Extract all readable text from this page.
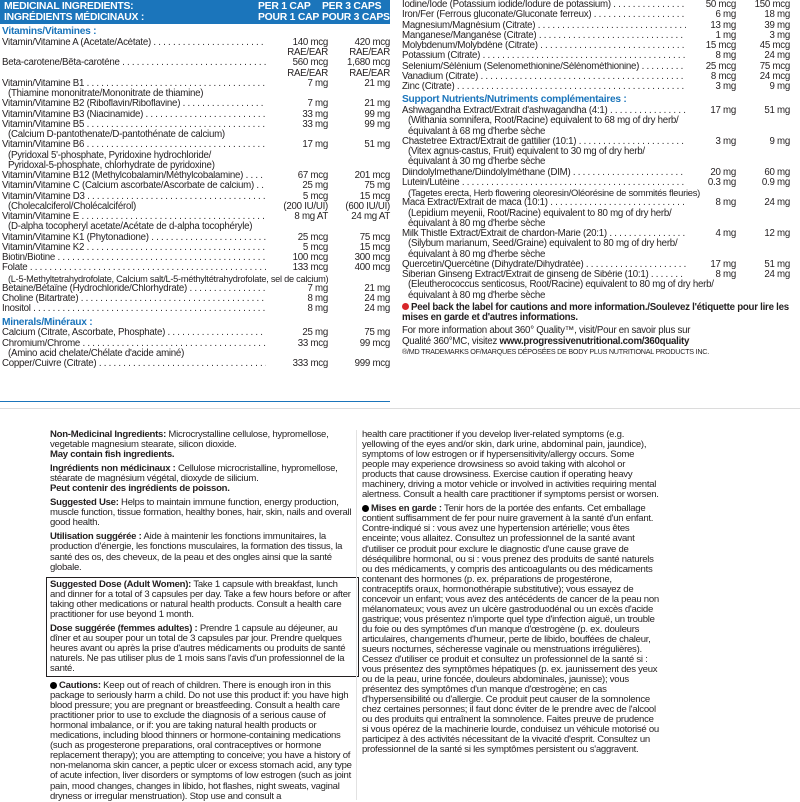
MEDICINAL INGREDIENTS:
INGRÉDIENTS MÉDICINAUX :
PER 1 CAP
POUR 1 CAP
PER 3 CAPS
POUR 3 CAPS
Vitamins/Vitamines :
Vitamin/Vitamine A (Acetate/Acétate) . . .	140 mcg	420 mcg
RAE/EAR	RAE/EAR
Beta-carotene/Bêta-carotène . . .	560 mcg	1,680 mcg
RAE/EAR	RAE/EAR
Vitamin/Vitamine B1 . . .	7 mg	21 mg
(Thiamine mononitrate/Mononitrate de thiamine)
Vitamin/Vitamine B2 (Riboflavin/Riboflavine) . . .	7 mg	21 mg
Vitamin/Vitamine B3 (Niacinamide) . . .	33 mg	99 mg
Vitamin/Vitamine B5 . . .	33 mg	99 mg
(Calcium D-pantothenate/D-pantothénate de calcium)
Vitamin/Vitamine B6 . . .	17 mg	51 mg
(Pyridoxal 5'-phosphate, Pyridoxine hydrochloride/
Pyridoxal-5-phosphate, chlorhydrate de pyridoxine)
Vitamin/Vitamine B12 (Methylcobalamin/Méthylcobalamine) . . .	67 mcg	201 mcg
Vitamin/Vitamine C (Calcium ascorbate/Ascorbate de calcium) . . .	25 mg	75 mg
Vitamin/Vitamine D3 . . .	5 mcg	15 mcg
(Cholecalciferol/Cholécalciférol)	(200 IU/UI)	(600 IU/UI)
Vitamin/Vitamine E . . .	8 mg AT	24 mg AT
(D-alpha tocopheryl acetate/Acétate de d-alpha tocophéryle)
Vitamin/Vitamine K1 (Phytonadione) . . .	25 mcg	75 mcg
Vitamin/Vitamine K2 . . .	5 mcg	15 mcg
Biotin/Biotine . . .	100 mcg	300 mcg
Folate . . .	133 mcg	400 mcg
(L-5-Methyltetrahydrofolate, Calcium salt/L-5-méthyltétrahydrofolate, sel de calcium)
Betaine/Bétaïne (Hydrochloride/Chlorhydrate) . . .	7 mg	21 mg
Choline (Bitartrate) . . .	8 mg	24 mg
Inositol . . .	8 mg	24 mg
Minerals/Minéraux :
Calcium (Citrate, Ascorbate, Phosphate) . . .	25 mg	75 mg
Chromium/Chrome . . .	33 mcg	99 mcg
(Amino acid chelate/Chélate d'acide aminé)
Copper/Cuivre (Citrate) . . .	333 mcg	999 mcg
Iodine/Iode (Potassium iodide/Iodure de potassium) . . .	50 mcg	150 mcg
Iron/Fer (Ferrous gluconate/Gluconate ferreux) . . .	6 mg	18 mg
Magnesium/Magnésium (Citrate) . . .	13 mg	39 mg
Manganese/Manganèse (Citrate) . . .	1 mg	3 mg
Molybdenum/Molybdène (Citrate) . . .	15 mcg	45 mcg
Potassium (Citrate) . . .	8 mg	24 mg
Selenium/Sélénium (Selenomethionine/Sélénométhionine) . . .	25 mcg	75 mcg
Vanadium (Citrate) . . .	8 mcg	24 mcg
Zinc (Citrate) . . .	3 mg	9 mg
Support Nutrients/Nutriments complémentaires :
Ashwagandha Extract/Extrait d'ashwagandha (4:1) . . .	17 mg	51 mg
(Withania somnifera, Root/Racine) equivalent to 68 mg of dry herb/
équivalant à 68 mg d'herbe sèche
Chastetree Extract/Extrait de gattilier (10:1) . . .	3 mg	9 mg
(Vitex agnus-castus, Fruit) equivalent to 30 mg of dry herb/
équivalant à 30 mg d'herbe sèche
Diindolylmethane/Diindolylméthane (DIM) . . .	20 mg	60 mg
Lutein/Lutéine . . .	0.3 mg	0.9 mg
(Tagetes erecta, Herb flowering oleoresin/Oléorésine de sommités fleuries)
Maca Extract/Extrait de maca (10:1) . . .	8 mg	24 mg
(Lepidium meyenii, Root/Racine) equivalent to 80 mg of dry herb/
équivalant à 80 mg d'herbe sèche
Milk Thistle Extract/Extrait de chardon-Marie (20:1) . . .	4 mg	12 mg
(Silybum marianum, Seed/Graine) equivalent to 80 mg of dry herb/
équivalant à 80 mg d'herbe sèche
Quercetin/Quercétine (Dihydrate/Dihydratée) . . .	17 mg	51 mg
Siberian Ginseng Extract/Extrait de ginseng de Sibérie (10:1) . . .	8 mg	24 mg
(Eleutherococcus senticosus, Root/Racine) equivalent to 80 mg of dry herb/
équivalant à 80 mg d'herbe sèche
Peel back the label for cautions and more information./Soulevez l'étiquette pour lire les mises en garde et d'autres informations.
For more information about 360° Quality™, visit/Pour en savoir plus sur
Qualité 360°MC, visitez www.progressivenutritional.com/360quality
®/MD TRADEMARKS OF/MARQUES DÉPOSÉES DE BODY PLUS NUTRITIONAL PRODUCTS INC.

Non-Medicinal Ingredients: Microcrystalline cellulose, hypromellose, vegetable magnesium stearate, silicon dioxide.
May contain fish ingredients.

Ingrédients non médicinaux : Cellulose microcristalline, hypromellose, stéarate de magnésium végétal, dioxyde de silicium.
Peut contenir des ingrédients de poisson.

Suggested Use: Helps to maintain immune function, energy production, muscle function, tissue formation, healthy bones, hair, skin, nails and overall good health.

Utilisation suggérée : Aide à maintenir les fonctions immunitaires, la production d'énergie, les fonctions musculaires, la formation des tissus, la santé des os, des cheveux, de la peau et des ongles ainsi que la santé globale.

Suggested Dose (Adult Women): Take 1 capsule with breakfast, lunch and dinner for a total of 3 capsules per day. Take a few hours before or after taking other medications or natural health products. Consult a health care practitioner for use beyond 1 month.

Dose suggérée (femmes adultes) : Prendre 1 capsule au déjeuner, au dîner et au souper pour un total de 3 capsules par jour. Prendre quelques heures avant ou après la prise d'autres médicaments ou produits de santé naturels. Ne pas utiliser plus de 1 mois sans l'avis d'un professionnel de la santé.

Cautions: Keep out of reach of children. There is enough iron in this package to seriously harm a child. Do not use this product if: you have high blood pressure; you are pregnant or breastfeeding. Consult a health care practitioner prior to use to exclude the diagnosis of a serious cause of hormonal imbalance, or if: you are taking natural health products or medications, including blood thinners or hormone-containing medications (such as progesterone preparations, oral contraceptives or hormone replacement therapy); you are attempting to conceive; you have a history of non-melanoma skin cancer, a peptic ulcer or excess stomach acid, any type of acute infection, liver disorders or symptoms of low estrogen (such as joint pain, mood changes, changes in libido, hot flashes, night sweats, vaginal dryness or irregular menstruation). Stop use and consult a

health care practitioner if you develop liver-related symptoms (e.g. yellowing of the eyes and/or skin, dark urine, abdominal pain, jaundice), symptoms of low estrogen or if hypersensitivity/allergy occurs. Some people may experience drowsiness so avoid taking with alcohol or products that cause drowsiness. Exercise caution if operating heavy machinery, driving a motor vehicle or involved in activities requiring mental alertness. Consult a health care practitioner if symptoms persist or worsen.

Mises en garde : Tenir hors de la portée des enfants. Cet emballage contient suffisamment de fer pour nuire gravement à la santé d'un enfant. Contre-indiqué si : vous avez une hypertension artérielle; vous êtes enceinte; vous allaitez. Consultez un professionnel de la santé avant d'utiliser ce produit pour exclure le diagnostic d'une cause grave de déséquilibre hormonal, ou si : vous prenez des produits de santé naturels ou des médicaments, y compris des anticoagulants ou des médicaments contenant des hormones (p. ex. préparations de progestérone, contraceptifs oraux, hormonothérapie substitutive); vous essayez de concevoir un enfant; vous avez des antécédents de cancer de la peau non mélanomateux; vous avez un ulcère gastroduodénal ou un excès d'acide gastrique; vous présentez n'importe quel type d'infection aiguë, un trouble du foie ou des symptômes d'un manque d'œstrogène (p. ex. douleurs articulaires, changements d'humeur, perte de libido, bouffées de chaleur, sueurs nocturnes, sécheresse vaginale ou menstruations irrégulières). Cessez d'utiliser ce produit et consultez un professionnel de la santé si : vous présentez des symptômes hépatiques (p. ex. jaunissement des yeux ou de la peau, urine foncée, douleurs abdominales, jaunisse); vous présentez des symptômes d'un manque d'œstrogène; en cas d'hypersensibilité ou d'allergie. Ce produit peut causer de la somnolence chez certaines personnes; il faut donc éviter de le prendre avec de l'alcool ou des produits qui entraînent la somnolence. Faites preuve de prudence si vous opérez de la machinerie lourde, conduisez un véhicule motorisé ou participez à des activités nécessitant de la vivacité d'esprit. Consultez un professionnel de la santé si les symptômes persistent ou s'aggravent.
